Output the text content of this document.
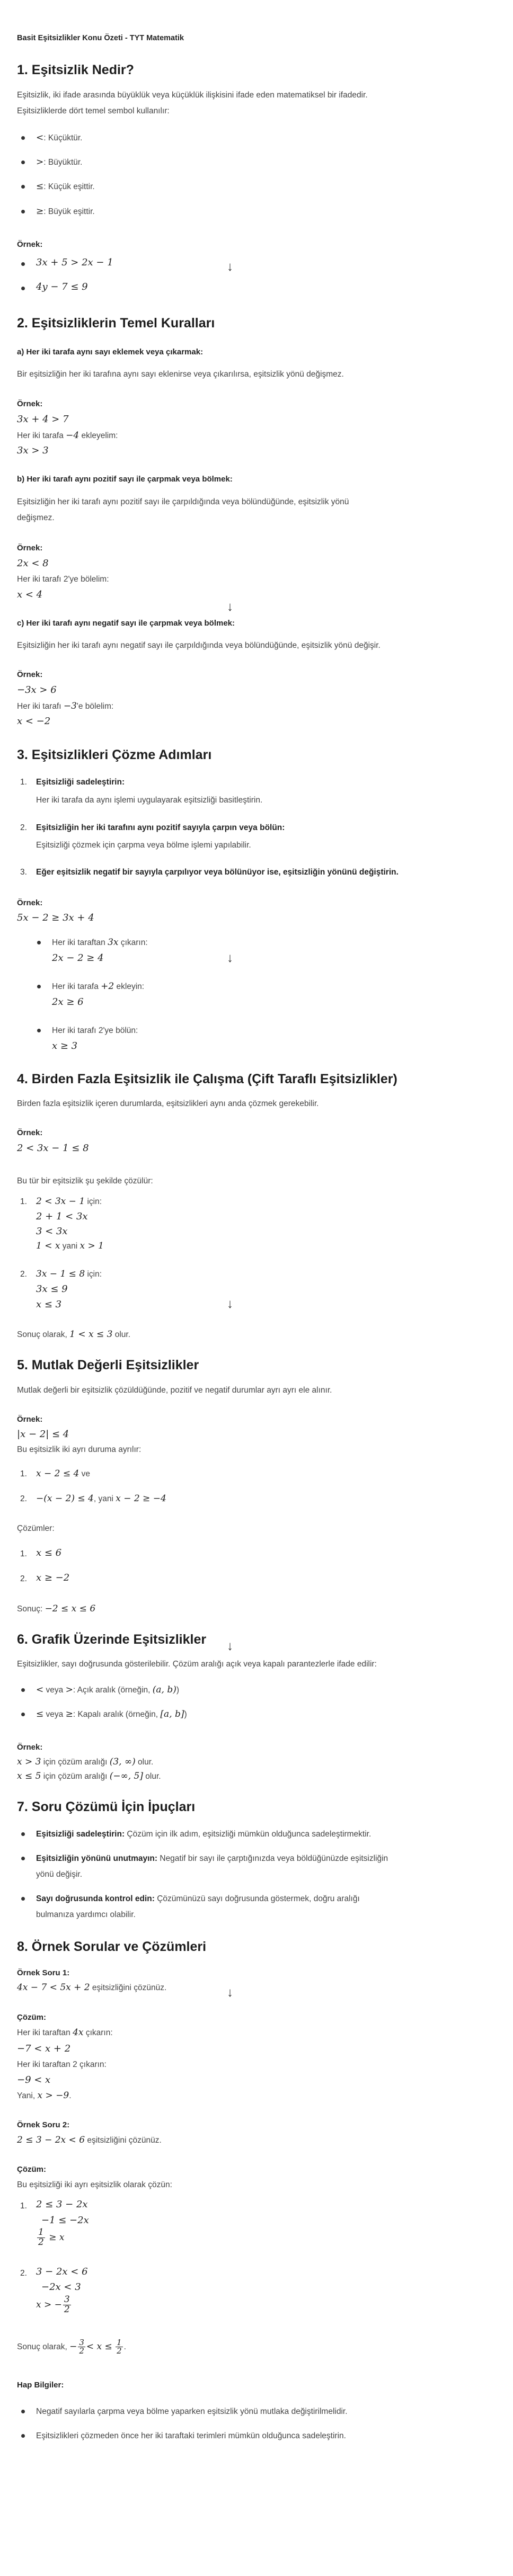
Basit Eşitsizlikler Konu Özeti - TYT Matematik
1. Eşitsizlik Nedir?
Eşitsizlik, iki ifade arasında büyüklük veya küçüklük ilişkisini ifade eden matematiksel bir ifadedir.
Eşitsizliklerde dört temel sembol kullanılır:
<: Küçüktür.
>: Büyüktür.
≤: Küçük eşittir.
≥: Büyük eşittir.
Örnek:
3x + 5 > 2x − 1	↓
4y − 7 ≤ 9
2. Eşitsizliklerin Temel Kuralları
a) Her iki tarafa aynı sayı eklemek veya çıkarmak:
Bir eşitsizliğin her iki tarafına aynı sayı eklenirse veya çıkarılırsa, eşitsizlik yönü değişmez.
Örnek:
3x + 4 > 7
Her iki tarafa −4 ekleyelim:
3x > 3
b) Her iki tarafı aynı pozitif sayı ile çarpmak veya bölmek:
Eşitsizliğin her iki tarafı aynı pozitif sayı ile çarpıldığında veya bölündüğünde, eşitsizlik yönü
değişmez.
Örnek:
2x < 8
Her iki tarafı 2'ye bölelim:
x < 4
↓
c) Her iki tarafı aynı negatif sayı ile çarpmak veya bölmek:
Eşitsizliğin her iki tarafı aynı negatif sayı ile çarpıldığında veya bölündüğünde, eşitsizlik yönü değişir.
Örnek:
−3x > 6
Her iki tarafı −3'e bölelim:
x < −2
3. Eşitsizlikleri Çözme Adımları
1. Eşitsizliği sadeleştirin:
Her iki tarafa da aynı işlemi uygulayarak eşitsizliği basitleştirin.
2. Eşitsizliğin her iki tarafını aynı pozitif sayıyla çarpın veya bölün:
Eşitsizliği çözmek için çarpma veya bölme işlemi yapılabilir.
3. Eğer eşitsizlik negatif bir sayıyla çarpılıyor veya bölünüyor ise, eşitsizliğin yönünü değiştirin.
Örnek:
5x − 2 ≥ 3x + 4
Her iki taraftan 3x çıkarın:
2x − 2 ≥ 4	↓
Her iki tarafa +2 ekleyin:
2x ≥ 6
Her iki tarafı 2'ye bölün:
x ≥ 3
4. Birden Fazla Eşitsizlik ile Çalışma (Çift Taraflı Eşitsizlikler)
Birden fazla eşitsizlik içeren durumlarda, eşitsizlikleri aynı anda çözmek gerekebilir.
Örnek:
2 < 3x − 1 ≤ 8
Bu tür bir eşitsizlik şu şekilde çözülür:
1. 2 < 3x − 1 için:
2 + 1 < 3x
3 < 3x
1 < x yani x > 1
2. 3x − 1 ≤ 8 için:
3x ≤ 9
x ≤ 3	↓
Sonuç olarak, 1 < x ≤ 3 olur.
5. Mutlak Değerli Eşitsizlikler
Mutlak değerli bir eşitsizlik çözüldüğünde, pozitif ve negatif durumlar ayrı ayrı ele alınır.
Örnek:
|x − 2| ≤ 4
Bu eşitsizlik iki ayrı duruma ayrılır:
1. x − 2 ≤ 4 ve
2. −(x − 2) ≤ 4, yani x − 2 ≥ −4
Çözümler:
1. x ≤ 6
2. x ≥ −2
Sonuç: −2 ≤ x ≤ 6
6. Grafik Üzerinde Eşitsizlikler ↓
Eşitsizlikler, sayı doğrusunda gösterilebilir. Çözüm aralığı açık veya kapalı parantezlerle ifade edilir:
< veya >: Açık aralık (örneğin, (a, b))
≤ veya ≥: Kapalı aralık (örneğin, [a, b])
Örnek:
x > 3 için çözüm aralığı (3, ∞) olur.
x ≤ 5 için çözüm aralığı (−∞, 5] olur.
7. Soru Çözümü İçin İpuçları
Eşitsizliği sadeleştirin: Çözüm için ilk adım, eşitsizliği mümkün olduğunca sadeleştirmektir.
Eşitsizliğin yönünü unutmayın: Negatif bir sayı ile çarptığınızda veya böldüğünüzde eşitsizliğin
yönü değişir.
Sayı doğrusunda kontrol edin: Çözümünüzü sayı doğrusunda göstermek, doğru aralığı
bulmanıza yardımcı olabilir.
8. Örnek Sorular ve Çözümleri
Örnek Soru 1:
4x − 7 < 5x + 2 eşitsizliğini çözünüz.	↓
Çözüm:
Her iki taraftan 4x çıkarın:
−7 < x + 2
Her iki taraftan 2 çıkarın:
−9 < x
Yani, x > −9.
Örnek Soru 2:
2 ≤ 3 − 2x < 6 eşitsizliğini çözünüz.
Çözüm:
Bu eşitsizliği iki ayrı eşitsizlik olarak çözün:
1. 2 ≤ 3 − 2x
−1 ≤ −2x
$\frac{1}{2} \ge x$
2. 3 − 2x < 6
−2x < 3
x > − $\frac{3}{2}$
Sonuç olarak, − $\frac{3}{2} < x \le \frac{1}{2}$ .
Hap Bilgiler:
Negatif sayılarla çarpma veya bölme yaparken eşitsizlik yönü mutlaka değiştirilmelidir.
Eşitsizlikleri çözmeden önce her iki taraftaki terimleri mümkün olduğunca sadeleştirin.
